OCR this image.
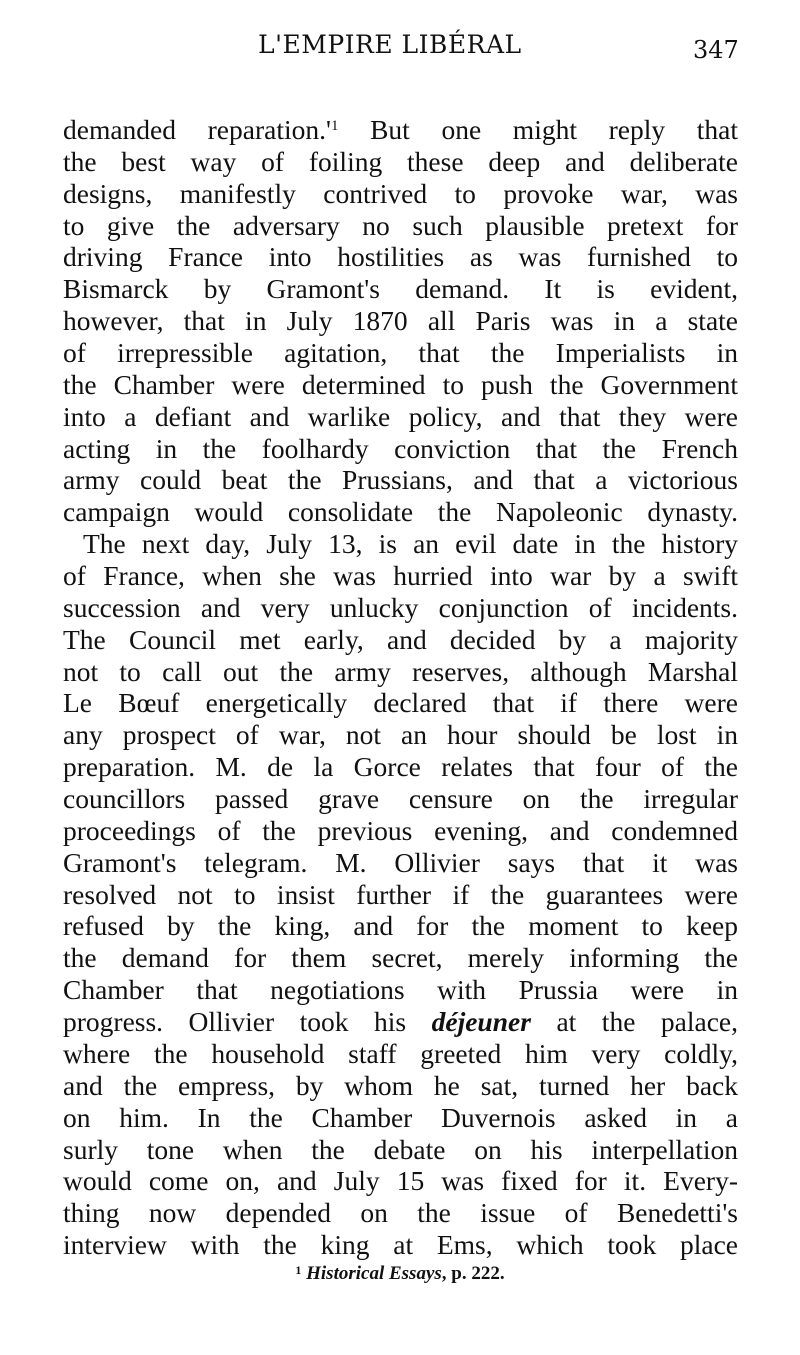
L'EMPIRE LIBÉRAL	347
demanded $reparation.'^1$ But one might reply that
the best way of foiling these deep and deliberate
designs, manifestly contrived to provoke war, was
to give the adversary no such plausible pretext for
driving France into hostilities as was furnished to
Bismarck by Gramont's demand. It is evident,
however, that in July 1870 all Paris was in a state
of irrepressible agitation, that the Imperialists in
the Chamber were determined to push the Government
into a defiant and warlike policy, and that they were
acting in the foolhardy conviction that the French
army could beat the Prussians, and that a victorious
campaign would consolidate the Napoleonic dynasty.
The next day, July 13, is an evil date in the history
of France, when she was hurried into war by a swift
succession and very unlucky conjunction of incidents.
The Council met early, and decided by a majority
not to call out the army reserves, although Marshal
Le Bœuf energetically declared that if there were
any prospect of war, not an hour should be lost in
preparation. M. de la Gorce relates that four of the
councillors passed grave censure on the irregular
proceedings of the previous evening, and condemned
Gramont's telegram. M. Ollivier says that it was
resolved not to insist further if the guarantees were
refused by the king, and for the moment to keep
the demand for them secret, merely informing the
Chamber that negotiations with Prussia were in
progress. Ollivier took his déjeuner at the palace,
where the household staff greeted him very coldly,
and the empress, by whom he sat, turned her back
on him. In the Chamber Duvernois asked in a
surly tone when the debate on his interpellation
would come on, and July 15 was fixed for it. Every-
thing now depended on the issue of Benedetti's
interview with the king at Ems, which took place
$^1$ Historical Essays, p. 222.
